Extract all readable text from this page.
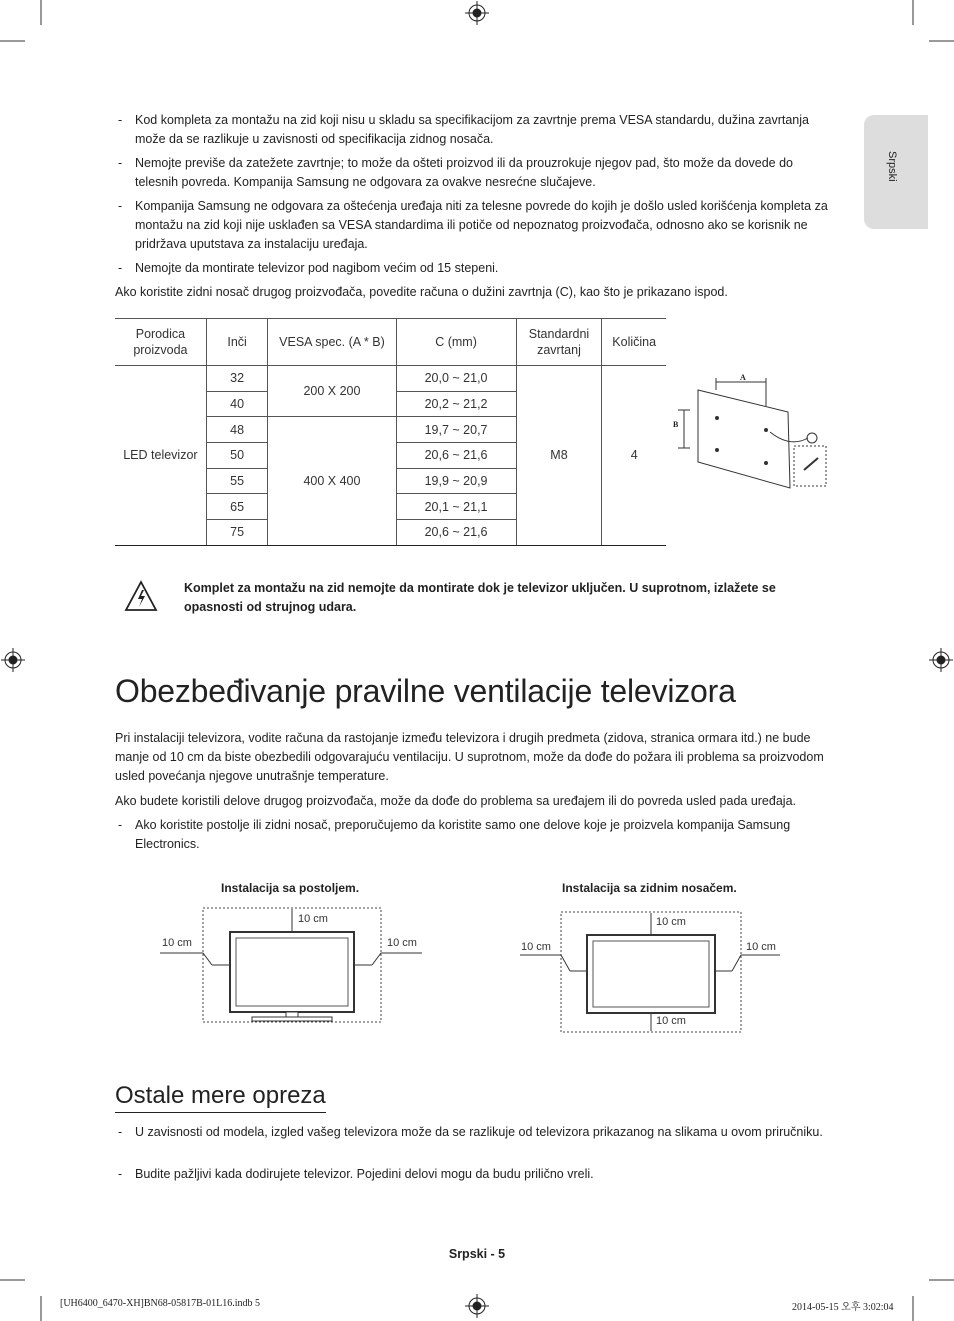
Srpski
- Kod kompleta za montažu na zid koji nisu u skladu sa specifikacijom za zavrtnje prema VESA standardu, dužina zavrtanja može da se razlikuje u zavisnosti od specifikacija zidnog nosača.
- Nemojte previše da zatežete zavrtnje; to može da ošteti proizvod ili da prouzrokuje njegov pad, što može da dovede do telesnih povreda. Kompanija Samsung ne odgovara za ovakve nesrećne slučajeve.
- Kompanija Samsung ne odgovara za oštećenja uređaja niti za telesne povrede do kojih je došlo usled korišćenja kompleta za montažu na zid koji nije usklađen sa VESA standardima ili potiče od nepoznatog proizvođača, odnosno ako se korisnik ne pridržava uputstava za instalaciju uređaja.
- Nemojte da montirate televizor pod nagibom većim od 15 stepeni.
Ako koristite zidni nosač drugog proizvođača, povedite računa o dužini zavrtnja (C), kao što je prikazano ispod.
Porodica proizvoda	Inči	VESA spec. (A * B)	C (mm)	Standardni zavrtanj	Količina
LED televizor	32	200 X 200	20,0 ~ 21,0	M8	4
	40		20,2 ~ 21,2		
	48	400 X 400	19,7 ~ 20,7		
	50		20,6 ~ 21,6		
	55		19,9 ~ 20,9		
	65		20,1 ~ 21,1		
	75		20,6 ~ 21,6		
A
B
Komplet za montažu na zid nemojte da montirate dok je televizor uključen. U suprotnom, izlažete se opasnosti od strujnog udara.
Obezbeđivanje pravilne ventilacije televizora
Pri instalaciji televizora, vodite računa da rastojanje između televizora i drugih predmeta (zidova, stranica ormara itd.) ne bude manje od 10 cm da biste obezbedili odgovarajuću ventilaciju. U suprotnom, može da dođe do požara ili problema sa proizvodom usled povećanja njegove unutrašnje temperature.
Ako budete koristili delove drugog proizvođača, može da dođe do problema sa uređajem ili do povreda usled pada uređaja.
- Ako koristite postolje ili zidni nosač, preporučujemo da koristite samo one delove koje je proizvela kompanija Samsung Electronics.
Instalacija sa postoljem.	Instalacija sa zidnim nosačem.
10 cm
10 cm	10 cm
10 cm
10 cm	10 cm
10 cm
Ostale mere opreza
- U zavisnosti od modela, izgled vašeg televizora može da se razlikuje od televizora prikazanog na slikama u ovom priručniku.
- Budite pažljivi kada dodirujete televizor. Pojedini delovi mogu da budu prilično vreli.
Srpski - 5
[UH6400_6470-XH]BN68-05817B-01L16.indb 5	2014-05-15 오후 3:02:04
